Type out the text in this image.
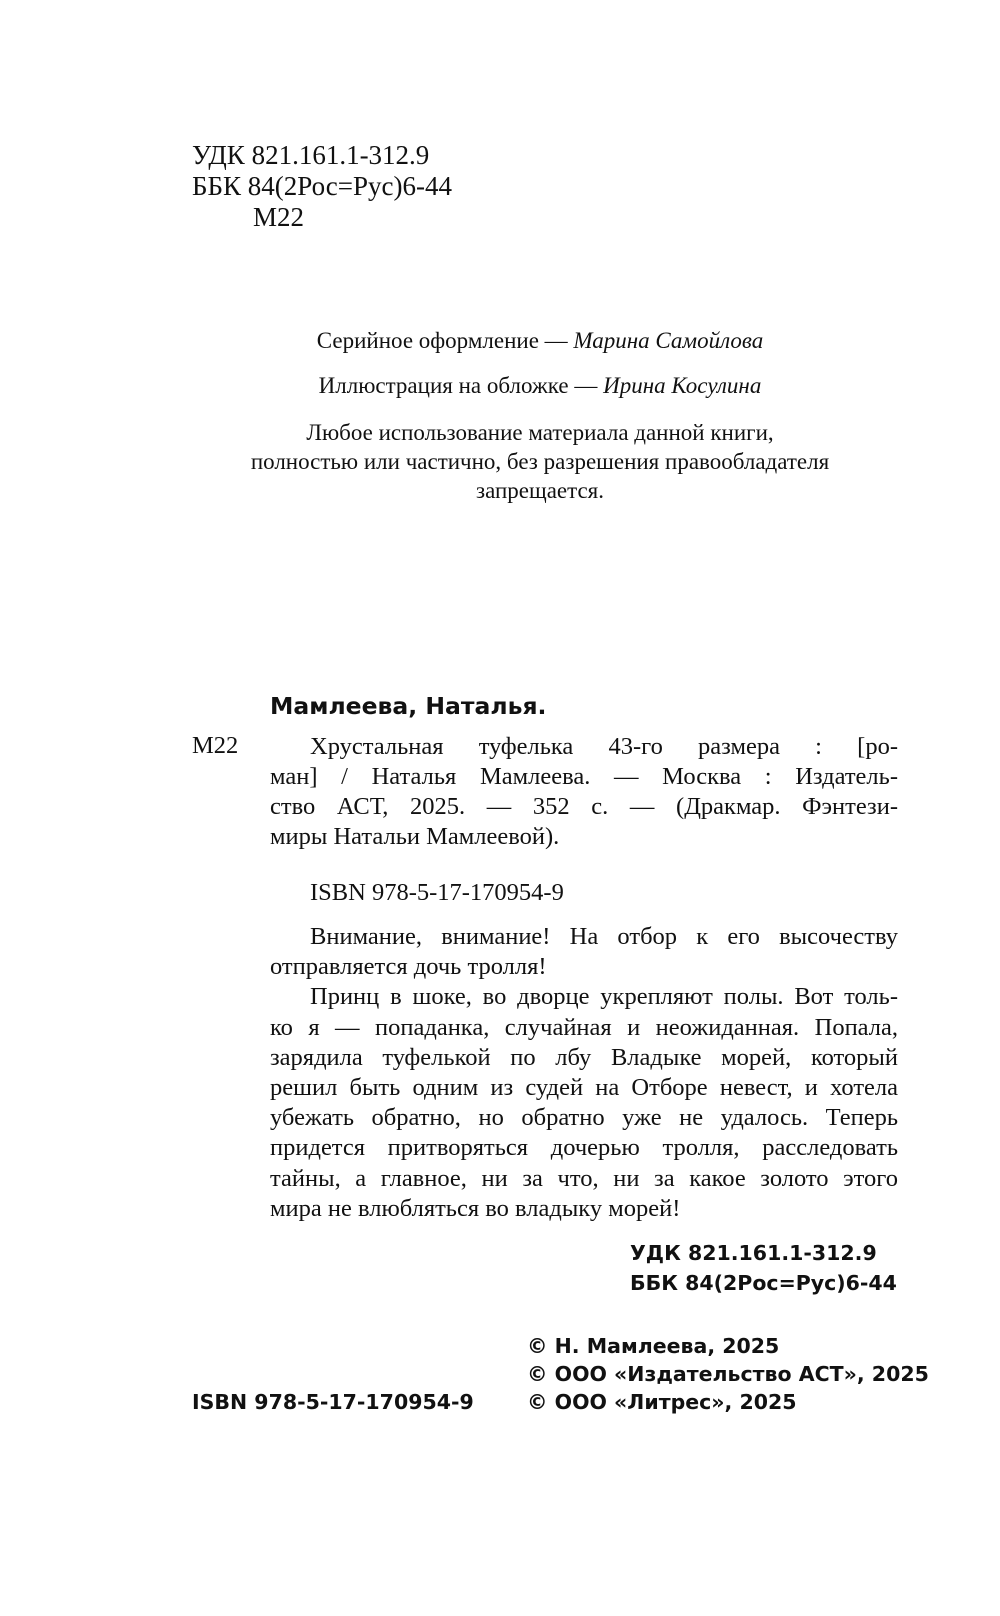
УДК 821.161.1-312.9
ББК 84(2Рос=Рус)6-44
М22
Серийное оформление — Марина Самойлова
Иллюстрация на обложке — Ирина Косулина
Любое использование материала данной книги,
полностью или частично, без разрешения правообладателя
запрещается.
Мамлеева, Наталья.
М22	Хрустальная туфелька 43-го размера : [ро-
ман] / Наталья Мамлеева. — Москва : Издатель-
ство АСТ, 2025. — 352 с. — (Дракмар. Фэнтези-
миры Натальи Мамлеевой).
ISBN 978-5-17-170954-9
Внимание, внимание! На отбор к его высочеству
отправляется дочь тролля!
Принц в шоке, во дворце укрепляют полы. Вот толь-
ко я — попаданка, случайная и неожиданная. Попала,
зарядила туфелькой по лбу Владыке морей, который
решил быть одним из судей на Отборе невест, и хотела
убежать обратно, но обратно уже не удалось. Теперь
придется притворяться дочерью тролля, расследовать
тайны, а главное, ни за что, ни за какое золото этого
мира не влюбляться во владыку морей!
УДК 821.161.1-312.9
ББК 84(2Рос=Рус)6-44
ISBN 978-5-17-170954-9
© Н. Мамлеева, 2025
© ООО «Издательство АСТ», 2025
© ООО «Литрес», 2025
